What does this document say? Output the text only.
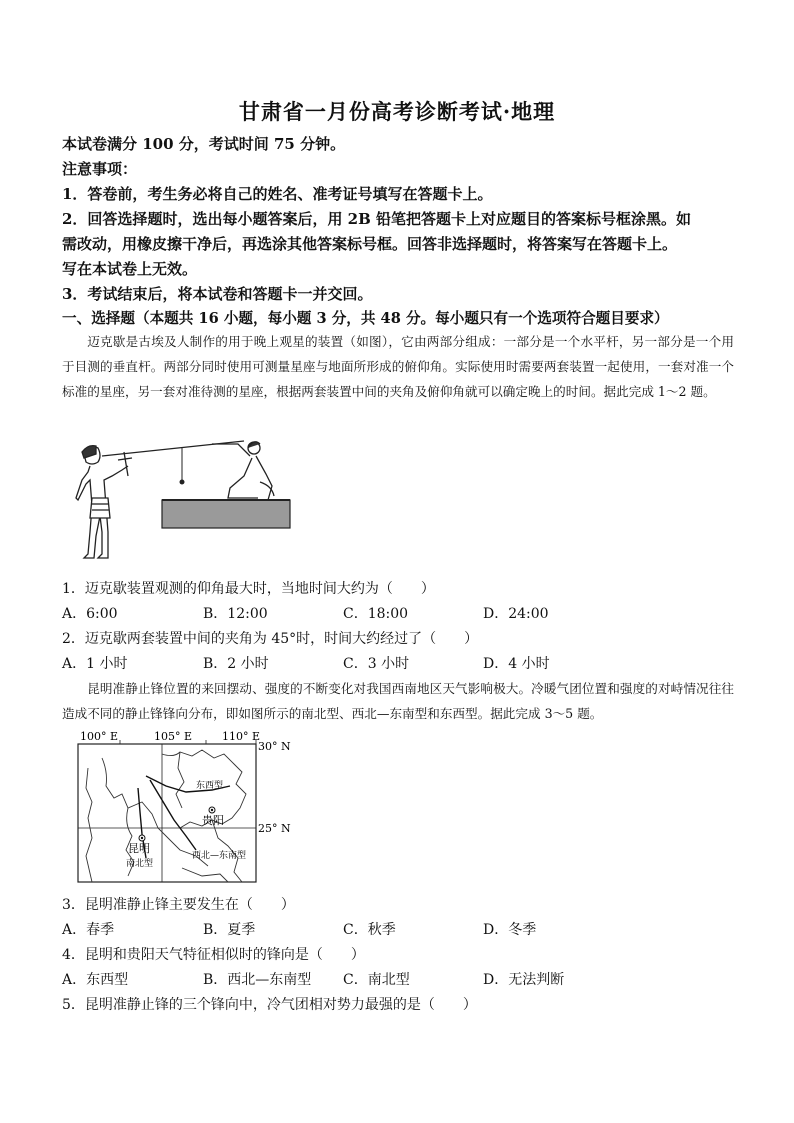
甘肃省一月份高考诊断考试·地理
本试卷满分 100 分，考试时间 75 分钟。
注意事项：
1．答卷前，考生务必将自己的姓名、准考证号填写在答题卡上。
2．回答选择题时，选出每小题答案后，用 2B 铅笔把答题卡上对应题目的答案标号框涂黑。如
需改动，用橡皮擦干净后，再选涂其他答案标号框。回答非选择题时，将答案写在答题卡上。
写在本试卷上无效。
3．考试结束后，将本试卷和答题卡一并交回。
一、选择题（本题共 16 小题，每小题 3 分，共 48 分。每小题只有一个选项符合题目要求）
迈克歇是古埃及人制作的用于晚上观星的装置（如图），它由两部分组成：一部分是一个水平杆，另一部分是一个用于目测的垂直杆。两部分同时使用可测量星座与地面所形成的俯仰角。实际使用时需要两套装置一起使用，一套对准一个标准的星座，另一套对准待测的星座，根据两套装置中间的夹角及俯仰角就可以确定晚上的时间。据此完成 1～2 题。
1．迈克歇装置观测的仰角最大时，当地时间大约为（　　）
A．6:00	B．12:00	C．18:00	D．24:00
2．迈克歇两套装置中间的夹角为 45°时，时间大约经过了（　　）
A．1 小时	B．2 小时	C．3 小时	D．4 小时
昆明准静止锋位置的来回摆动、强度的不断变化对我国西南地区天气影响极大。冷暖气团位置和强度的对峙情况往往造成不同的静止锋锋向分布，即如图所示的南北型、西北—东南型和东西型。据此完成 3～5 题。
100° E	105° E	110° E
30° N
25° N
贵阳
昆明
东西型
西北—东南型
南北型
3．昆明准静止锋主要发生在（　　）
A．春季	B．夏季	C．秋季	D．冬季
4．昆明和贵阳天气特征相似时的锋向是（　　）
A．东西型	B．西北—东南型 C．南北型	D．无法判断
5．昆明准静止锋的三个锋向中，冷气团相对势力最强的是（　　）
